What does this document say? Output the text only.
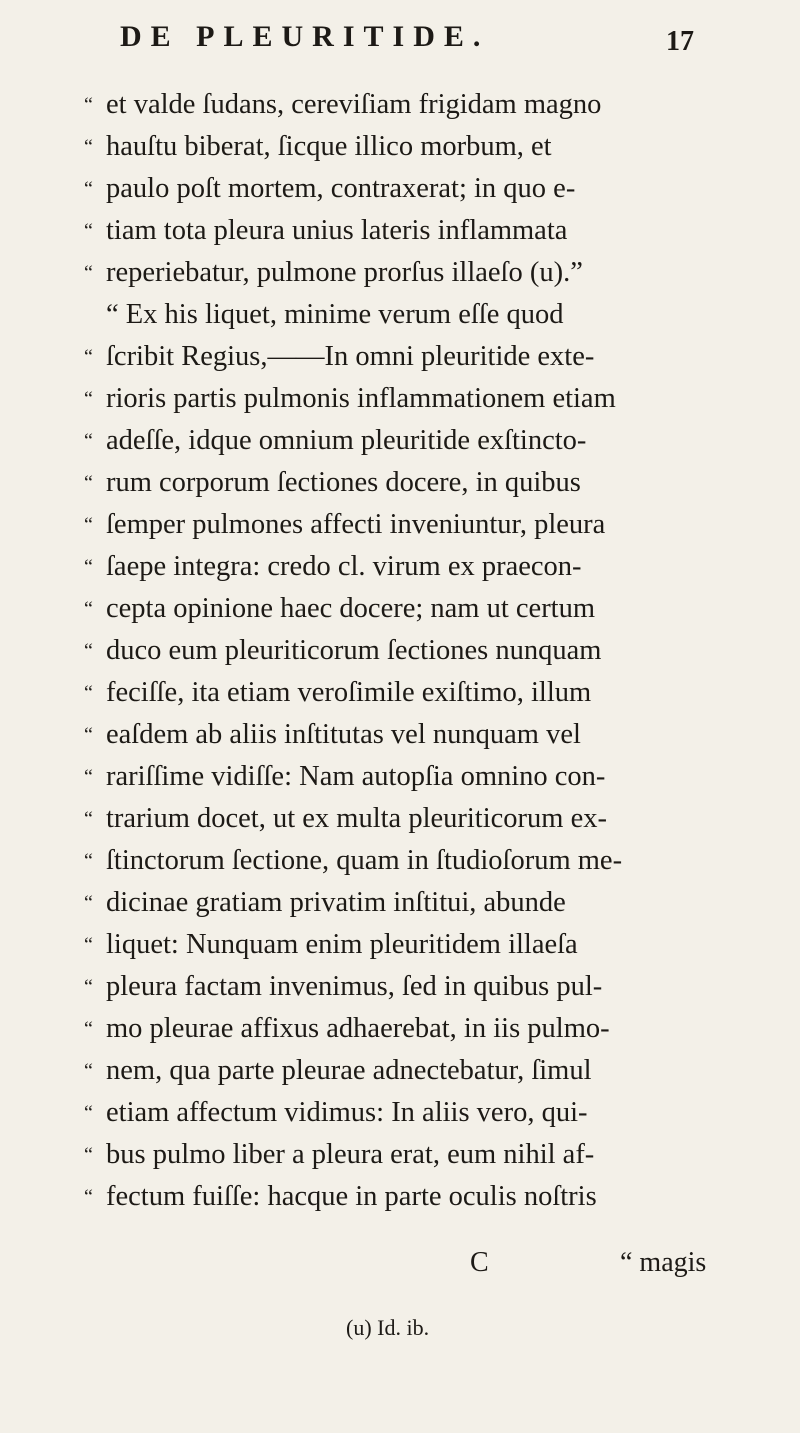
DE PLEURITIDE.	17
“ et valde ſudans, cereviſiam frigidam magno
“ hauſtu biberat, ſicque illico morbum, et
“ paulo poſt mortem, contraxerat; in quo e-
“ tiam tota pleura unius lateris inflammata
“ reperiebatur, pulmone prorſus illaeſo (u).”
“ Ex his liquet, minime verum eſſe quod
“ ſcribit Regius,——In omni pleuritide exte-
“ rioris partis pulmonis inflammationem etiam
“ adeſſe, idque omnium pleuritide exſtincto-
“ rum corporum ſectiones docere, in quibus
“ ſemper pulmones affecti inveniuntur, pleura
“ ſaepe integra: credo cl. virum ex praecon-
“ cepta opinione haec docere; nam ut certum
“ duco eum pleuriticorum ſectiones nunquam
“ feciſſe, ita etiam veroſimile exiſtimo, illum
“ eaſdem ab aliis inſtitutas vel nunquam vel
“ rariſſime vidiſſe: Nam autopſia omnino con-
“ trarium docet, ut ex multa pleuriticorum ex-
“ ſtinctorum ſectione, quam in ſtudioſorum me-
“ dicinae gratiam privatim inſtitui, abunde
“ liquet: Nunquam enim pleuritidem illaeſa
“ pleura factam invenimus, ſed in quibus pul-
“ mo pleurae affixus adhaerebat, in iis pulmo-
“ nem, qua parte pleurae adnectebatur, ſimul
“ etiam affectum vidimus: In aliis vero, qui-
“ bus pulmo liber a pleura erat, eum nihil af-
“ fectum fuiſſe: hacque in parte oculis noſtris
C	“ magis
(u) Id. ib.
